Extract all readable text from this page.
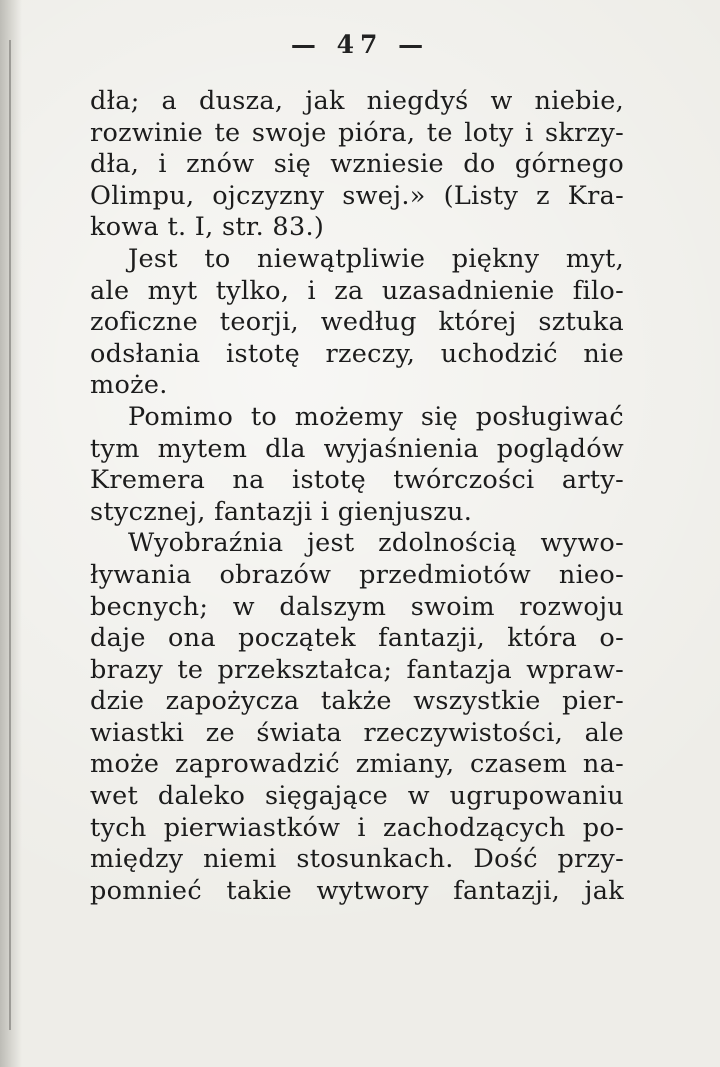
— 47 —
dła; a dusza, jak niegdyś w niebie,
rozwinie te swoje pióra, te loty i skrzy-
dła, i znów się wzniesie do górnego
Olimpu, ojczyzny swej.» (Listy z Kra-
kowa t. I, str. 83.)
Jest to niewątpliwie piękny myt,
ale myt tylko, i za uzasadnienie filo-
zoficzne teorji, według której sztuka
odsłania istotę rzeczy, uchodzić nie
może.
Pomimo to możemy się posługiwać
tym mytem dla wyjaśnienia poglądów
Kremera na istotę twórczości arty-
stycznej, fantazji i gienjuszu.
Wyobraźnia jest zdolnością wywo-
ływania obrazów przedmiotów nieo-
becnych; w dalszym swoim rozwoju
daje ona początek fantazji, która o-
brazy te przekształca; fantazja wpraw-
dzie zapożycza także wszystkie pier-
wiastki ze świata rzeczywistości, ale
może zaprowadzić zmiany, czasem na-
wet daleko sięgające w ugrupowaniu
tych pierwiastków i zachodzących po-
między niemi stosunkach. Dość przy-
pomnieć takie wytwory fantazji, jak
